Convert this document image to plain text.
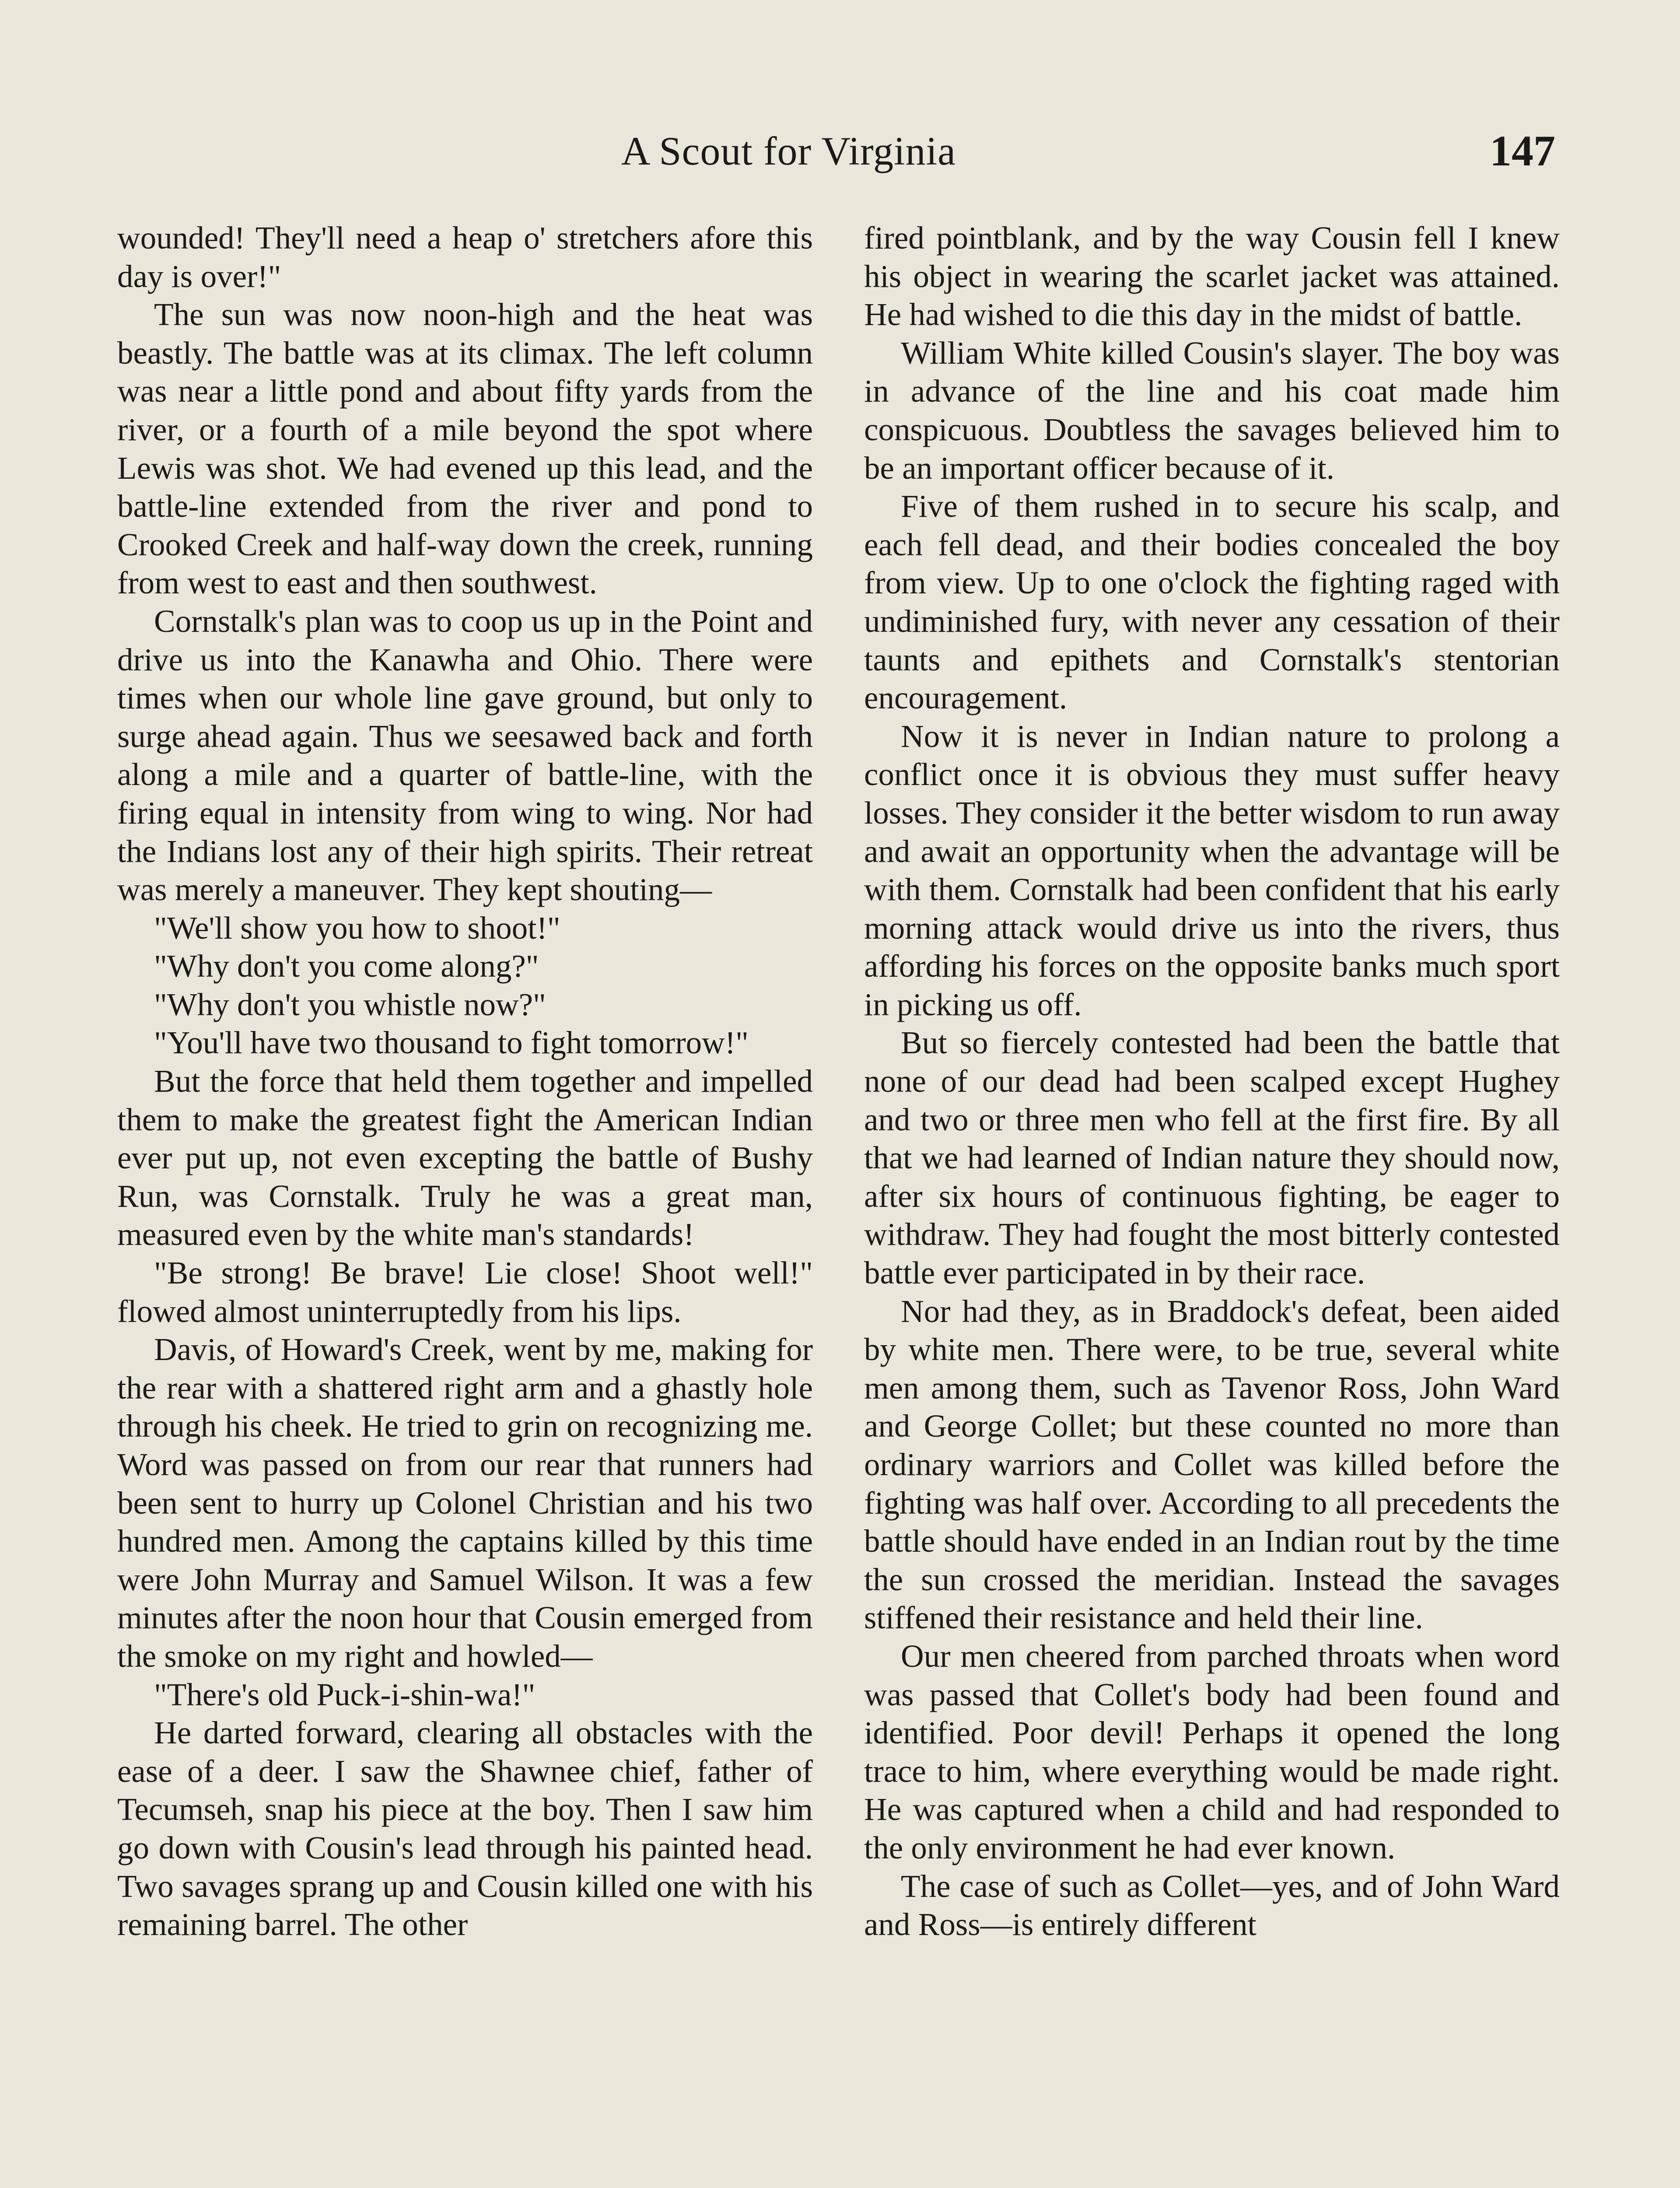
A Scout for Virginia	147

wounded! They'll need a heap o' stretchers afore this day is over!"

The sun was now noon-high and the heat was beastly. The battle was at its climax. The left column was near a little pond and about fifty yards from the river, or a fourth of a mile beyond the spot where Lewis was shot. We had evened up this lead, and the battle-line extended from the river and pond to Crooked Creek and half-way down the creek, running from west to east and then southwest.

Cornstalk's plan was to coop us up in the Point and drive us into the Kanawha and Ohio. There were times when our whole line gave ground, but only to surge ahead again. Thus we seesawed back and forth along a mile and a quarter of battle-line, with the firing equal in intensity from wing to wing. Nor had the Indians lost any of their high spirits. Their retreat was merely a maneuver. They kept shouting—

"We'll show you how to shoot!"

"Why don't you come along?"

"Why don't you whistle now?"

"You'll have two thousand to fight tomorrow!"

But the force that held them together and impelled them to make the greatest fight the American Indian ever put up, not even excepting the battle of Bushy Run, was Cornstalk. Truly he was a great man, measured even by the white man's standards!

"Be strong! Be brave! Lie close! Shoot well!" flowed almost uninterruptedly from his lips.

Davis, of Howard's Creek, went by me, making for the rear with a shattered right arm and a ghastly hole through his cheek. He tried to grin on recognizing me. Word was passed on from our rear that runners had been sent to hurry up Colonel Christian and his two hundred men. Among the captains killed by this time were John Murray and Samuel Wilson. It was a few minutes after the noon hour that Cousin emerged from the smoke on my right and howled—

"There's old Puck-i-shin-wa!"

He darted forward, clearing all obstacles with the ease of a deer. I saw the Shawnee chief, father of Tecumseh, snap his piece at the boy. Then I saw him go down with Cousin's lead through his painted head. Two savages sprang up and Cousin killed one with his remaining barrel. The other

fired pointblank, and by the way Cousin fell I knew his object in wearing the scarlet jacket was attained. He had wished to die this day in the midst of battle.

William White killed Cousin's slayer. The boy was in advance of the line and his coat made him conspicuous. Doubtless the savages believed him to be an important officer because of it.

Five of them rushed in to secure his scalp, and each fell dead, and their bodies concealed the boy from view. Up to one o'clock the fighting raged with undiminished fury, with never any cessation of their taunts and epithets and Cornstalk's stentorian encouragement.

Now it is never in Indian nature to prolong a conflict once it is obvious they must suffer heavy losses. They consider it the better wisdom to run away and await an opportunity when the advantage will be with them. Cornstalk had been confident that his early morning attack would drive us into the rivers, thus affording his forces on the opposite banks much sport in picking us off.

But so fiercely contested had been the battle that none of our dead had been scalped except Hughey and two or three men who fell at the first fire. By all that we had learned of Indian nature they should now, after six hours of continuous fighting, be eager to withdraw. They had fought the most bitterly contested battle ever participated in by their race.

Nor had they, as in Braddock's defeat, been aided by white men. There were, to be true, several white men among them, such as Tavenor Ross, John Ward and George Collet; but these counted no more than ordinary warriors and Collet was killed before the fighting was half over. According to all precedents the battle should have ended in an Indian rout by the time the sun crossed the meridian. Instead the savages stiffened their resistance and held their line.

Our men cheered from parched throats when word was passed that Collet's body had been found and identified. Poor devil! Perhaps it opened the long trace to him, where everything would be made right. He was captured when a child and had responded to the only environment he had ever known.

The case of such as Collet—yes, and of John Ward and Ross—is entirely different
